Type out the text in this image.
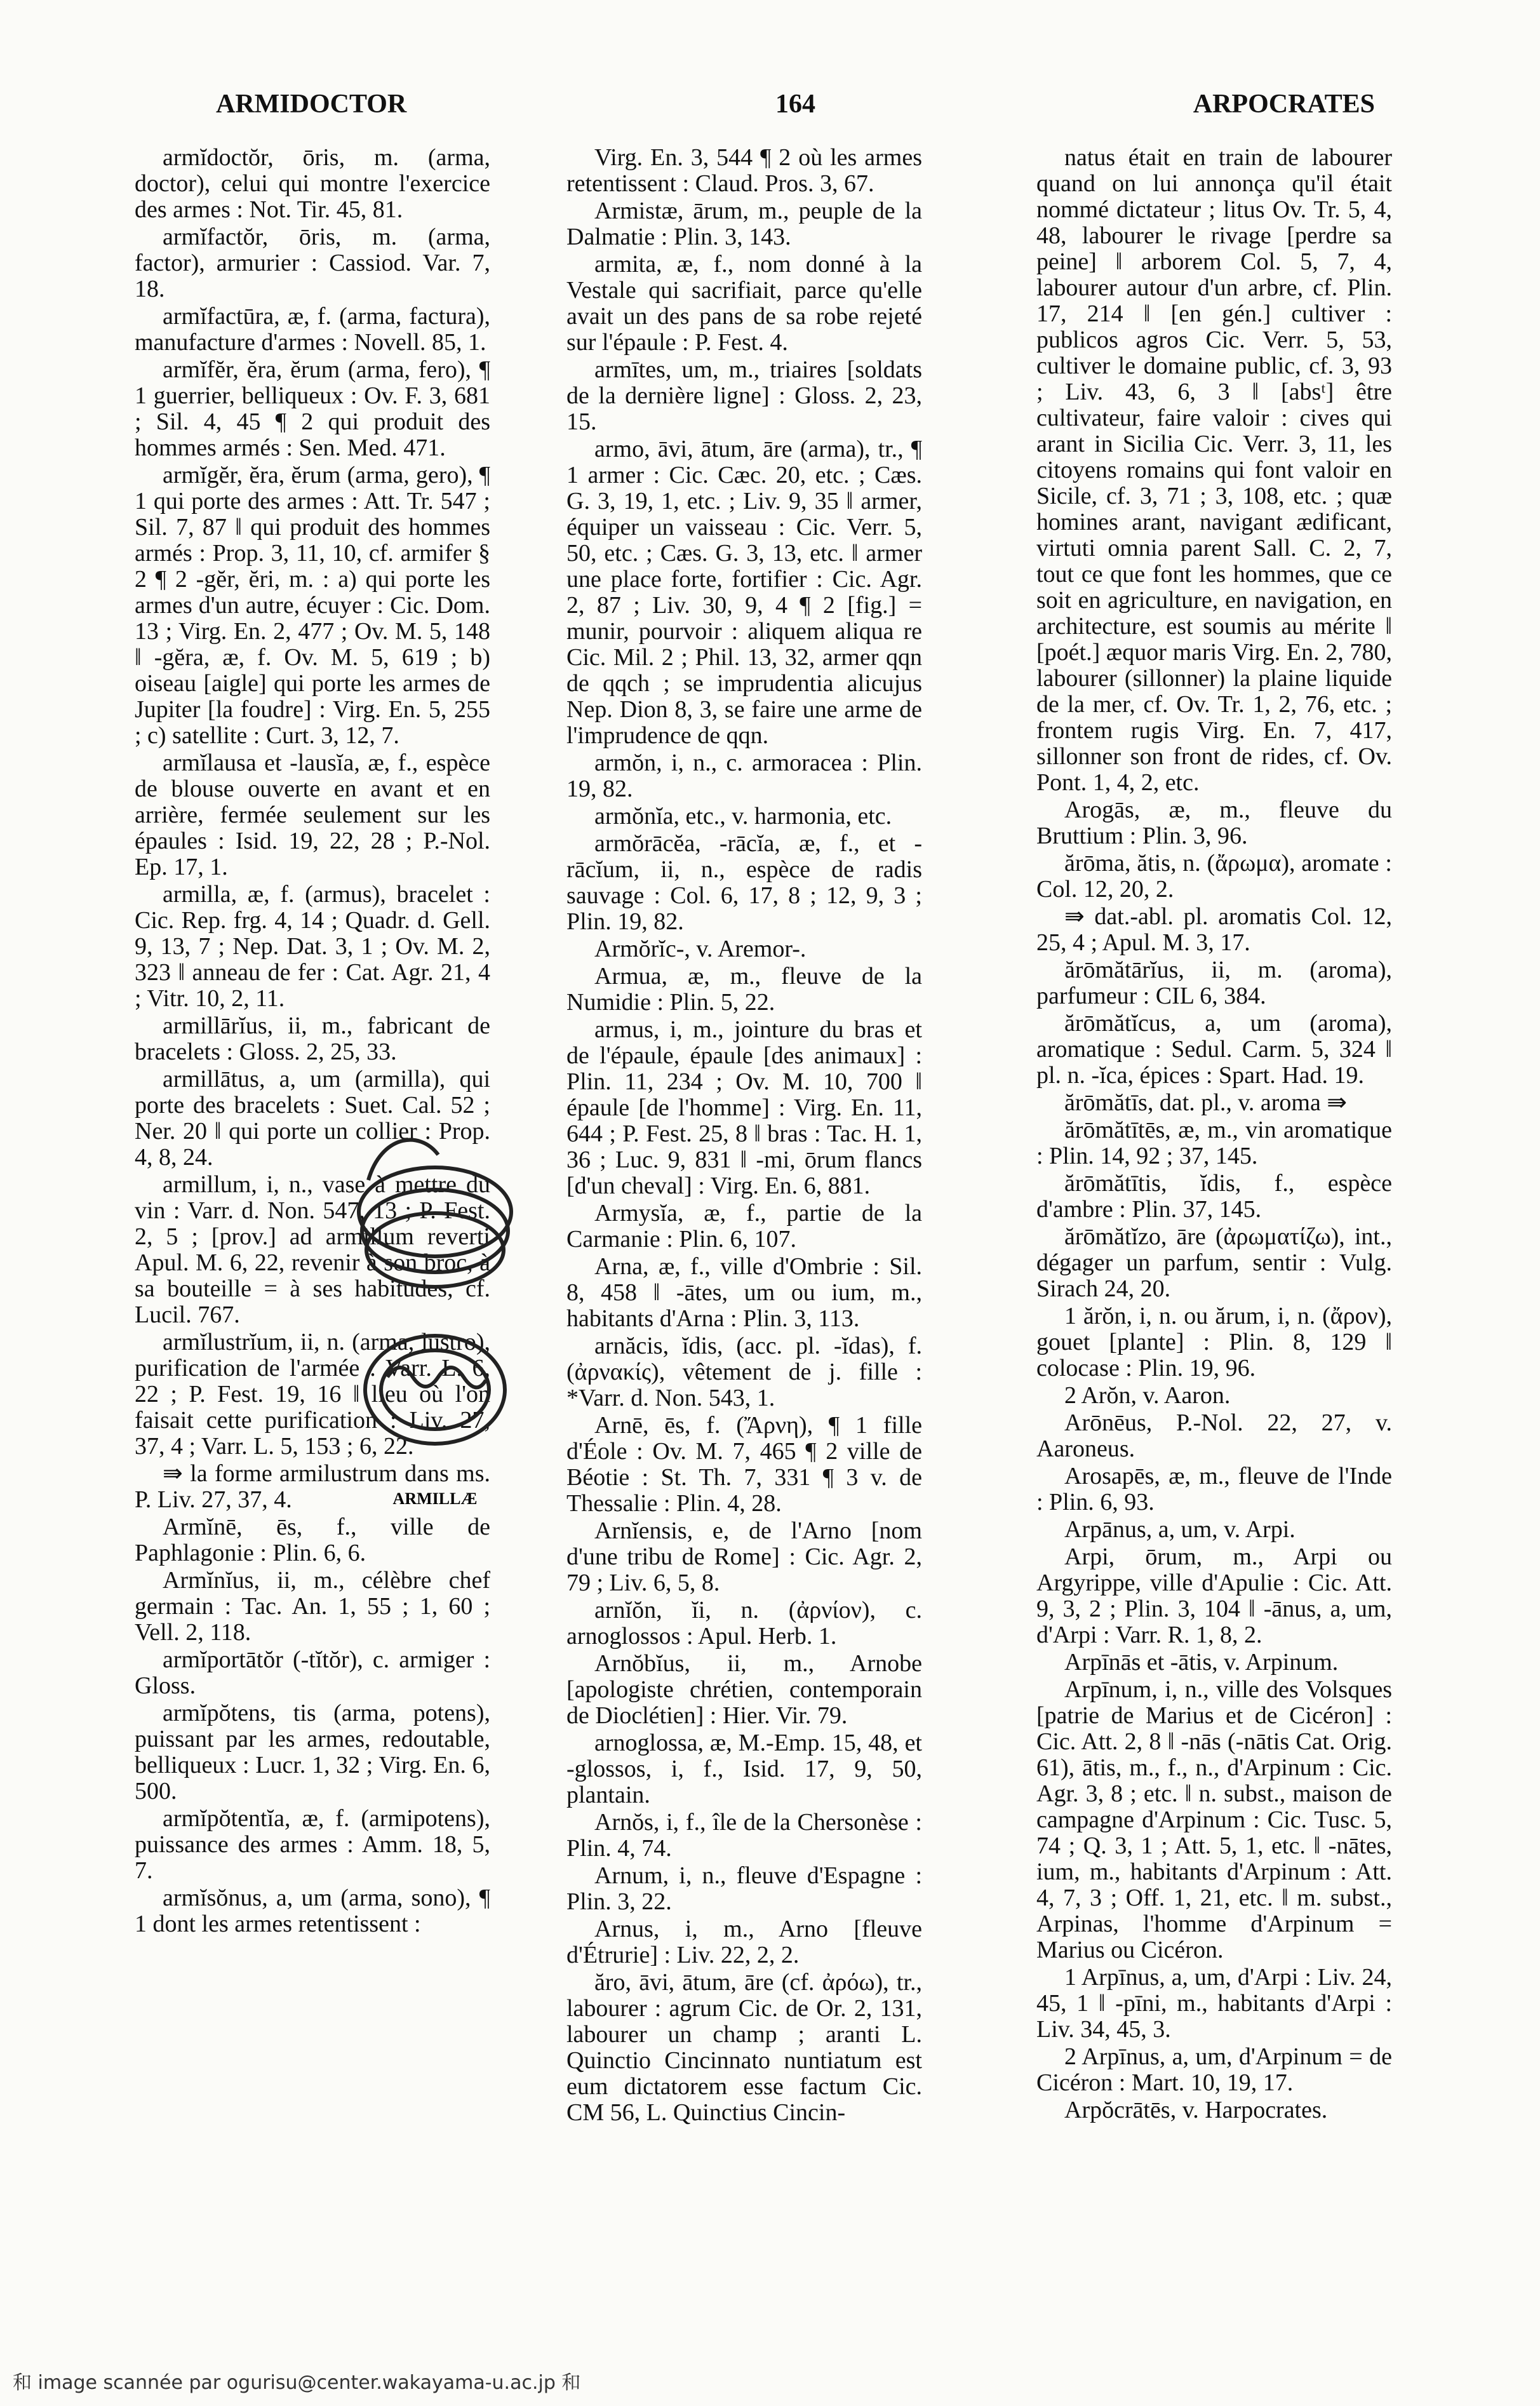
ARMIDOCTOR	164	ARPOCRATES

armĭdoctŏr, ōris, m. (arma, doctor), celui qui montre l'exercice des armes : Not. Tir. 45, 81.

armĭfactŏr, ōris, m. (arma, factor), armurier : Cassiod. Var. 7, 18.

armĭfactūra, æ, f. (arma, factura), manufacture d'armes : Novell. 85, 1.

armĭfĕr, ĕra, ĕrum (arma, fero), ¶ 1 guerrier, belliqueux : Ov. F. 3, 681 ; Sil. 4, 45 ¶ 2 qui produit des hommes armés : Sen. Med. 471.

armĭgĕr, ĕra, ĕrum (arma, gero), ¶ 1 qui porte des armes : Att. Tr. 547 ; Sil. 7, 87 ‖ qui produit des hommes armés : Prop. 3, 11, 10, cf. armifer § 2 ¶ 2 -gĕr, ĕri, m. : a) qui porte les armes d'un autre, écuyer : Cic. Dom. 13 ; Virg. En. 2, 477 ; Ov. M. 5, 148 ‖ -gĕra, æ, f. Ov. M. 5, 619 ; b) oiseau [aigle] qui porte les armes de Jupiter [la foudre] : Virg. En. 5, 255 ; c) satellite : Curt. 3, 12, 7.

armĭlausa et -lausĭa, æ, f., espèce de blouse ouverte en avant et en arrière, fermée seulement sur les épaules : Isid. 19, 22, 28 ; P.-Nol. Ep. 17, 1.

armilla, æ, f. (armus), bracelet : Cic. Rep. frg. 4, 14 ; Quadr. d. Gell. 9, 13, 7 ; Nep. Dat. 3, 1 ; Ov. M. 2, 323 ‖ anneau de fer : Cat. Agr. 21, 4 ; Vitr. 10, 2, 11.

armillārĭus, ii, m., fabricant de bracelets : Gloss. 2, 25, 33.

armillātus, a, um (armilla), qui porte des bracelets : Suet. Cal. 52 ; Ner. 20 ‖ qui porte un collier : Prop. 4, 8, 24.

armillum, i, n., vase à mettre du vin : Varr. d. Non. 547, 13 ; P. Fest. 2, 5 ; [prov.] ad armillum reverti Apul. M. 6, 22, revenir à son broc, à sa bouteille = à ses habitudes, cf. Lucil. 767.

armĭlustrĭum, ii, n. (arma, lustro), purification de l'armée : Varr. L. 6, 22 ; P. Fest. 19, 16 ‖ lieu où l'on faisait cette purification : Liv. 27, 37, 4 ; Varr. L. 5, 153 ; 6, 22.

⇛ la forme armilustrum dans ms. P. Liv. 27, 37, 4.

Armĭnē, ēs, f., ville de Paphlagonie : Plin. 6, 6.

Armĭnĭus, ii, m., célèbre chef germain : Tac. An. 1, 55 ; 1, 60 ; Vell. 2, 118.

armĭportātŏr (-tĭtŏr), c. armiger : Gloss.

armĭpŏtens, tis (arma, potens), puissant par les armes, redoutable, belliqueux : Lucr. 1, 32 ; Virg. En. 6, 500.

armĭpŏtentĭa, æ, f. (armipotens), puissance des armes : Amm. 18, 5, 7.

armĭsŏnus, a, um (arma, sono), ¶ 1 dont les armes retentissent :

Virg. En. 3, 544 ¶ 2 où les armes retentissent : Claud. Pros. 3, 67.

Armistæ, ārum, m., peuple de la Dalmatie : Plin. 3, 143.

armita, æ, f., nom donné à la Vestale qui sacrifiait, parce qu'elle avait un des pans de sa robe rejeté sur l'épaule : P. Fest. 4.

armītes, um, m., triaires [soldats de la dernière ligne] : Gloss. 2, 23, 15.

armo, āvi, ātum, āre (arma), tr., ¶ 1 armer : Cic. Cæc. 20, etc. ; Cæs. G. 3, 19, 1, etc. ; Liv. 9, 35 ‖ armer, équiper un vaisseau : Cic. Verr. 5, 50, etc. ; Cæs. G. 3, 13, etc. ‖ armer une place forte, fortifier : Cic. Agr. 2, 87 ; Liv. 30, 9, 4 ¶ 2 [fig.] = munir, pourvoir : aliquem aliqua re Cic. Mil. 2 ; Phil. 13, 32, armer qqn de qqch ; se imprudentia alicujus Nep. Dion 8, 3, se faire une arme de l'imprudence de qqn.

armŏn, i, n., c. armoracea : Plin. 19, 82.

armŏnĭa, etc., v. harmonia, etc.

armŏrācĕa, -rācĭa, æ, f., et -rācĭum, ii, n., espèce de radis sauvage : Col. 6, 17, 8 ; 12, 9, 3 ; Plin. 19, 82.

Armŏrĭc-, v. Aremor-.

Armua, æ, m., fleuve de la Numidie : Plin. 5, 22.

armus, i, m., jointure du bras et de l'épaule, épaule [des animaux] : Plin. 11, 234 ; Ov. M. 10, 700 ‖ épaule [de l'homme] : Virg. En. 11, 644 ; P. Fest. 25, 8 ‖ bras : Tac. H. 1, 36 ; Luc. 9, 831 ‖ -mi, ōrum flancs [d'un cheval] : Virg. En. 6, 881.

Armysĭa, æ, f., partie de la Carmanie : Plin. 6, 107.

Arna, æ, f., ville d'Ombrie : Sil. 8, 458 ‖ -ātes, um ou ium, m., habitants d'Arna : Plin. 3, 113.

arnăcis, ĭdis, (acc. pl. -ĭdas), f. (ἀρνακίς), vêtement de j. fille : *Varr. d. Non. 543, 1.

Arnē, ēs, f. (Ἄρνη), ¶ 1 fille d'Éole : Ov. M. 7, 465 ¶ 2 ville de Béotie : St. Th. 7, 331 ¶ 3 v. de Thessalie : Plin. 4, 28.

Arnĭensis, e, de l'Arno [nom d'une tribu de Rome] : Cic. Agr. 2, 79 ; Liv. 6, 5, 8.

arnĭŏn, ĭi, n. (ἀρνίον), c. arnoglossos : Apul. Herb. 1.

Arnŏbĭus, ii, m., Arnobe [apologiste chrétien, contemporain de Dioclétien] : Hier. Vir. 79.

arnoglossa, æ, M.-Emp. 15, 48, et -glossos, i, f., Isid. 17, 9, 50, plantain.

Arnŏs, i, f., île de la Chersonèse : Plin. 4, 74.

Arnum, i, n., fleuve d'Espagne : Plin. 3, 22.

Arnus, i, m., Arno [fleuve d'Étrurie] : Liv. 22, 2, 2.

ăro, āvi, ātum, āre (cf. ἀρόω), tr., labourer : agrum Cic. de Or. 2, 131, labourer un champ ; aranti L. Quinctio Cincinnato nuntiatum est eum dictatorem esse factum Cic. CM 56, L. Quinctius Cincin-

natus était en train de labourer quand on lui annonça qu'il était nommé dictateur ; litus Ov. Tr. 5, 4, 48, labourer le rivage [perdre sa peine] ‖ arborem Col. 5, 7, 4, labourer autour d'un arbre, cf. Plin. 17, 214 ‖ [en gén.] cultiver : publicos agros Cic. Verr. 5, 53, cultiver le domaine public, cf. 3, 93 ; Liv. 43, 6, 3 ‖ [absᵗ] être cultivateur, faire valoir : cives qui arant in Sicilia Cic. Verr. 3, 11, les citoyens romains qui font valoir en Sicile, cf. 3, 71 ; 3, 108, etc. ; quæ homines arant, navigant ædificant, virtuti omnia parent Sall. C. 2, 7, tout ce que font les hommes, que ce soit en agriculture, en navigation, en architecture, est soumis au mérite ‖ [poét.] æquor maris Virg. En. 2, 780, labourer (sillonner) la plaine liquide de la mer, cf. Ov. Tr. 1, 2, 76, etc. ; frontem rugis Virg. En. 7, 417, sillonner son front de rides, cf. Ov. Pont. 1, 4, 2, etc.

Arogās, æ, m., fleuve du Bruttium : Plin. 3, 96.

ărōma, ătis, n. (ἄρωμα), aromate : Col. 12, 20, 2.

⇛ dat.-abl. pl. aromatis Col. 12, 25, 4 ; Apul. M. 3, 17.

ărōmătārĭus, ii, m. (aroma), parfumeur : CIL 6, 384.

ărōmătĭcus, a, um (aroma), aromatique : Sedul. Carm. 5, 324 ‖ pl. n. -ĭca, épices : Spart. Had. 19.

ărōmătīs, dat. pl., v. aroma ⇛

ărōmătītēs, æ, m., vin aromatique : Plin. 14, 92 ; 37, 145.

ărōmătītis, ĭdis, f., espèce d'ambre : Plin. 37, 145.

ărōmătĭzo, āre (ἀρωματίζω), int., dégager un parfum, sentir : Vulg. Sirach 24, 20.

1 ărŏn, i, n. ou ărum, i, n. (ἄρον), gouet [plante] : Plin. 8, 129 ‖ colocase : Plin. 19, 96.

2 Arŏn, v. Aaron.

Arōnēus, P.-Nol. 22, 27, v. Aaroneus.

Arosapēs, æ, m., fleuve de l'Inde : Plin. 6, 93.

Arpānus, a, um, v. Arpi.

Arpi, ōrum, m., Arpi ou Argyrippe, ville d'Apulie : Cic. Att. 9, 3, 2 ; Plin. 3, 104 ‖ -ānus, a, um, d'Arpi : Varr. R. 1, 8, 2.

Arpīnās et -ātis, v. Arpinum.

Arpīnum, i, n., ville des Volsques [patrie de Marius et de Cicéron] : Cic. Att. 2, 8 ‖ -nās (-nātis Cat. Orig. 61), ātis, m., f., n., d'Arpinum : Cic. Agr. 3, 8 ; etc. ‖ n. subst., maison de campagne d'Arpinum : Cic. Tusc. 5, 74 ; Q. 3, 1 ; Att. 5, 1, etc. ‖ -nātes, ium, m., habitants d'Arpinum : Att. 4, 7, 3 ; Off. 1, 21, etc. ‖ m. subst., Arpinas, l'homme d'Arpinum = Marius ou Cicéron.

1 Arpīnus, a, um, d'Arpi : Liv. 24, 45, 1 ‖ -pīni, m., habitants d'Arpi : Liv. 34, 45, 3.

2 Arpīnus, a, um, d'Arpinum = de Cicéron : Mart. 10, 19, 17.

Arpŏcrātēs, v. Harpocrates.

ARMILLÆ
和 image scannée par ogurisu@center.wakayama-u.ac.jp 和
